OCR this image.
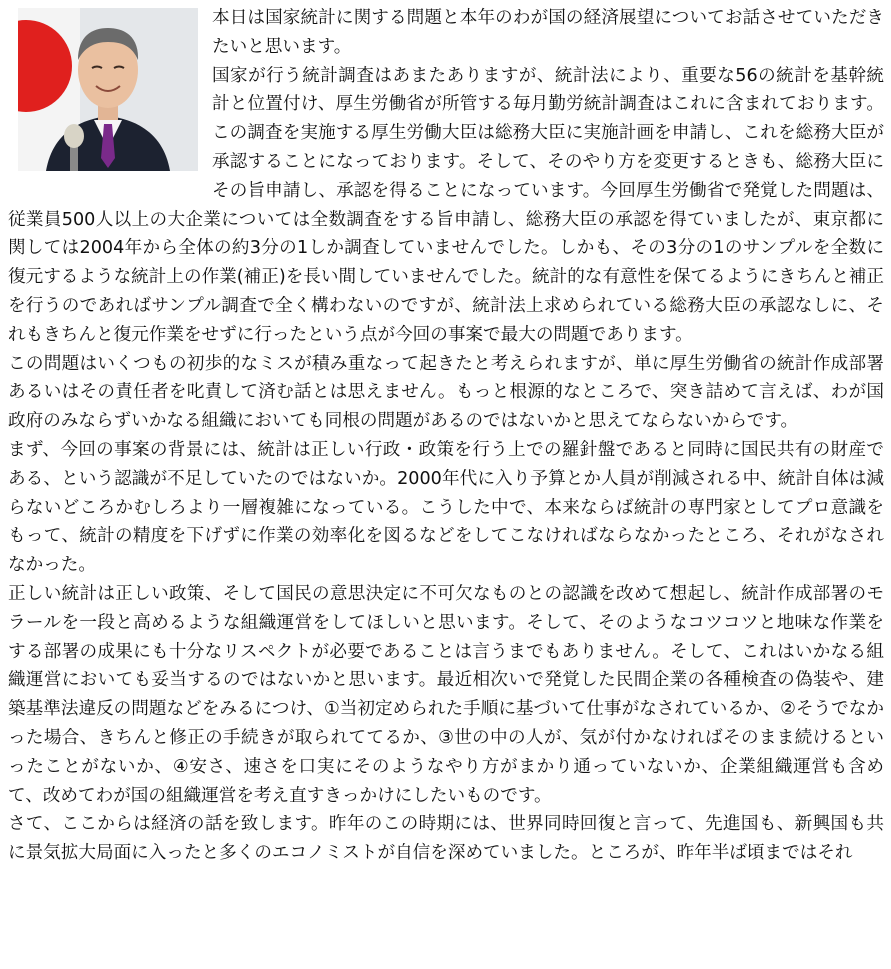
本日は国家統計に関する問題と本年のわが国の経済展望についてお話させていただきたいと思います。

国家が行う統計調査はあまたありますが、統計法により、重要な56の統計を基幹統計と位置付け、厚生労働省が所管する毎月勤労統計調査はこれに含まれております。この調査を実施する厚生労働大臣は総務大臣に実施計画を申請し、これを総務大臣が承認することになっております。そして、そのやり方を変更するときも、総務大臣にその旨申請し、承認を得ることになっています。今回厚生労働省で発覚した問題は、従業員500人以上の大企業については全数調査をする旨申請し、総務大臣の承認を得ていましたが、東京都に関しては2004年から全体の約3分の1しか調査していませんでした。しかも、その3分の1のサンプルを全数に復元するような統計上の作業(補正)を長い間していませんでした。統計的な有意性を保てるようにきちんと補正を行うのであればサンプル調査で全く構わないのですが、統計法上求められている総務大臣の承認なしに、それもきちんと復元作業をせずに行ったという点が今回の事案で最大の問題であります。

この問題はいくつもの初歩的なミスが積み重なって起きたと考えられますが、単に厚生労働省の統計作成部署あるいはその責任者を叱責して済む話とは思えません。もっと根源的なところで、突き詰めて言えば、わが国政府のみならずいかなる組織においても同根の問題があるのではないかと思えてならないからです。

まず、今回の事案の背景には、統計は正しい行政・政策を行う上での羅針盤であると同時に国民共有の財産である、という認識が不足していたのではないか。2000年代に入り予算とか人員が削減される中、統計自体は減らないどころかむしろより一層複雑になっている。こうした中で、本来ならば統計の専門家としてプロ意識をもって、統計の精度を下げずに作業の効率化を図るなどをしてこなければならなかったところ、それがなされなかった。

正しい統計は正しい政策、そして国民の意思決定に不可欠なものとの認識を改めて想起し、統計作成部署のモラールを一段と高めるような組織運営をしてほしいと思います。そして、そのようなコツコツと地味な作業をする部署の成果にも十分なリスペクトが必要であることは言うまでもありません。そして、これはいかなる組織運営においても妥当するのではないかと思います。最近相次いで発覚した民間企業の各種検査の偽装や、建築基準法違反の問題などをみるにつけ、①当初定められた手順に基づいて仕事がなされているか、②そうでなかった場合、きちんと修正の手続きが取られててるか、③世の中の人が、気が付かなければそのまま続けるといったことがないか、④安さ、速さを口実にそのようなやり方がまかり通っていないか、企業組織運営も含めて、改めてわが国の組織運営を考え直すきっかけにしたいものです。

さて、ここからは経済の話を致します。昨年のこの時期には、世界同時回復と言って、先進国も、新興国も共に景気拡大局面に入ったと多くのエコノミストが自信を深めていました。ところが、昨年半ば頃まではそれ
